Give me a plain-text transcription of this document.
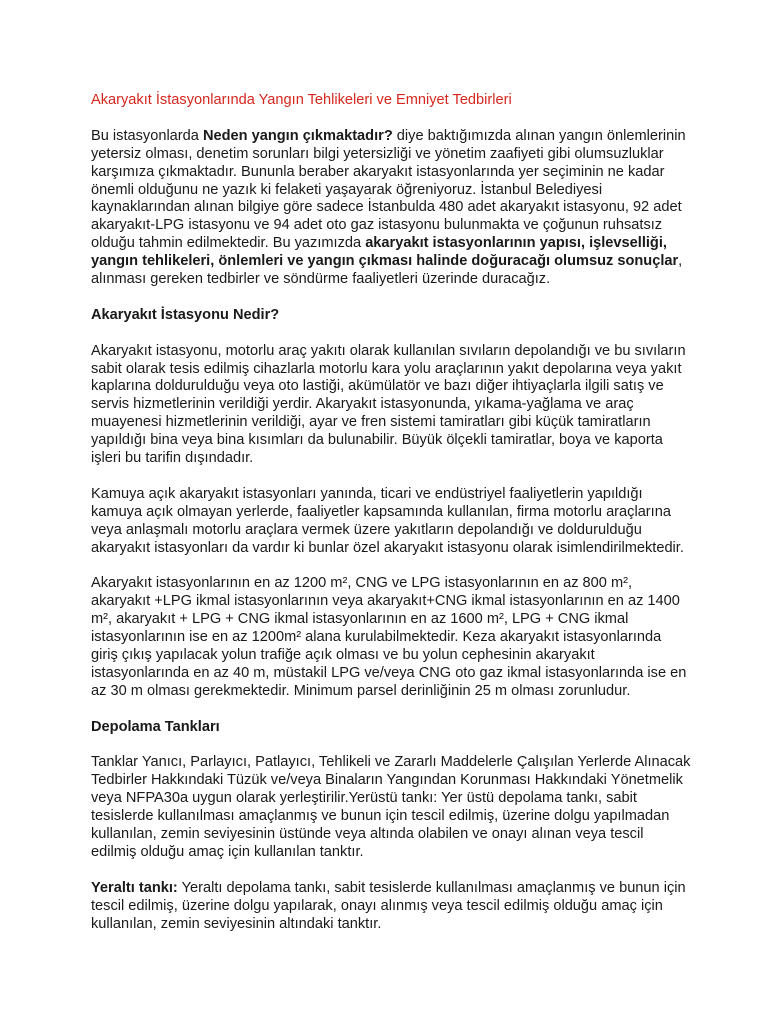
Akaryakıt İstasyonlarında Yangın Tehlikeleri ve Emniyet Tedbirleri

Bu istasyonlarda Neden yangın çıkmaktadır? diye baktığımızda alınan yangın önlemlerinin yetersiz olması, denetim sorunları bilgi yetersizliği ve yönetim zaafiyeti gibi olumsuzluklar karşımıza çıkmaktadır. Bununla beraber akaryakıt istasyonlarında yer seçiminin ne kadar önemli olduğunu ne yazık ki felaketi yaşayarak öğreniyoruz. İstanbul Belediyesi kaynaklarından alınan bilgiye göre sadece İstanbulda 480 adet akaryakıt istasyonu, 92 adet akaryakıt-LPG istasyonu ve 94 adet oto gaz istasyonu bulunmakta ve çoğunun ruhsatsız olduğu tahmin edilmektedir. Bu yazımızda akaryakıt istasyonlarının yapısı, işlevselliği, yangın tehlikeleri, önlemleri ve yangın çıkması halinde doğuracağı olumsuz sonuçlar, alınması gereken tedbirler ve söndürme faaliyetleri üzerinde duracağız.

Akaryakıt İstasyonu Nedir?

Akaryakıt istasyonu, motorlu araç yakıtı olarak kullanılan sıvıların depolandığı ve bu sıvıların sabit olarak tesis edilmiş cihazlarla motorlu kara yolu araçlarının yakıt depolarına veya yakıt kaplarına doldurulduğu veya oto lastiği, akümülatör ve bazı diğer ihtiyaçlarla ilgili satış ve servis hizmetlerinin verildiği yerdir. Akaryakıt istasyonunda, yıkama-yağlama ve araç muayenesi hizmetlerinin verildiği, ayar ve fren sistemi tamiratları gibi küçük tamiratların yapıldığı bina veya bina kısımları da bulunabilir. Büyük ölçekli tamiratlar, boya ve kaporta işleri bu tarifin dışındadır.

Kamuya açık akaryakıt istasyonları yanında, ticari ve endüstriyel faaliyetlerin yapıldığı kamuya açık olmayan yerlerde, faaliyetler kapsamında kullanılan, firma motorlu araçlarına veya anlaşmalı motorlu araçlara vermek üzere yakıtların depolandığı ve doldurulduğu akaryakıt istasyonları da vardır ki bunlar özel akaryakıt istasyonu olarak isimlendirilmektedir.

Akaryakıt istasyonlarının en az 1200 m², CNG ve LPG istasyonlarının en az 800 m², akaryakıt +LPG ikmal istasyonlarının veya akaryakıt+CNG ikmal istasyonlarının en az 1400 m², akaryakıt + LPG + CNG ikmal istasyonlarının en az 1600 m², LPG + CNG ikmal istasyonlarının ise en az 1200m² alana kurulabilmektedir. Keza akaryakıt istasyonlarında giriş çıkış yapılacak yolun trafiğe açık olması ve bu yolun cephesinin akaryakıt istasyonlarında en az 40 m, müstakil LPG ve/veya CNG oto gaz ikmal istasyonlarında ise en az 30 m olması gerekmektedir. Minimum parsel derinliğinin 25 m olması zorunludur.

Depolama Tankları

Tanklar Yanıcı, Parlayıcı, Patlayıcı, Tehlikeli ve Zararlı Maddelerle Çalışılan Yerlerde Alınacak Tedbirler Hakkındaki Tüzük ve/veya Binaların Yangından Korunması Hakkındaki Yönetmelik veya NFPA30a uygun olarak yerleştirilir.Yerüstü tankı: Yer üstü depolama tankı, sabit tesislerde kullanılması amaçlanmış ve bunun için tescil edilmiş, üzerine dolgu yapılmadan kullanılan, zemin seviyesinin üstünde veya altında olabilen ve onayı alınan veya tescil edilmiş olduğu amaç için kullanılan tanktır.

Yeraltı tankı: Yeraltı depolama tankı, sabit tesislerde kullanılması amaçlanmış ve bunun için tescil edilmiş, üzerine dolgu yapılarak, onayı alınmış veya tescil edilmiş olduğu amaç için kullanılan, zemin seviyesinin altındaki tanktır.
